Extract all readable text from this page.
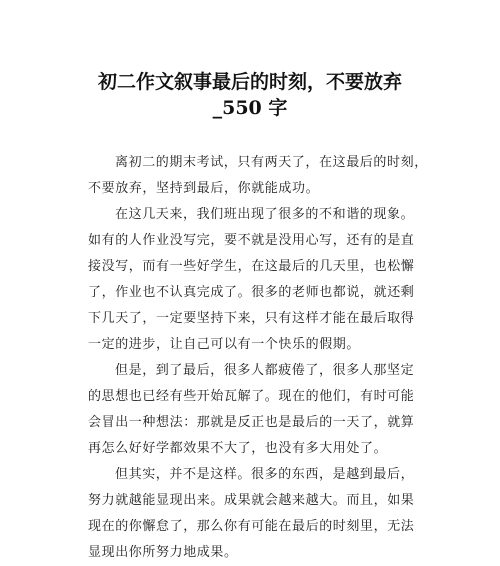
初二作文叙事最后的时刻，不要放弃
_550 字
离初二的期末考试，只有两天了，在这最后的时刻，
不要放弃，坚持到最后，你就能成功。
在这几天来，我们班出现了很多的不和谐的现象。
如有的人作业没写完，要不就是没用心写，还有的是直
接没写，而有一些好学生，在这最后的几天里，也松懈
了，作业也不认真完成了。很多的老师也都说，就还剩
下几天了，一定要坚持下来，只有这样才能在最后取得
一定的进步，让自己可以有一个快乐的假期。
但是，到了最后，很多人都疲倦了，很多人那坚定
的思想也已经有些开始瓦解了。现在的他们，有时可能
会冒出一种想法：那就是反正也是最后的一天了，就算
再怎么好好学都效果不大了，也没有多大用处了。
但其实，并不是这样。很多的东西，是越到最后，
努力就越能显现出来。成果就会越来越大。而且，如果
现在的你懈怠了，那么你有可能在最后的时刻里，无法
显现出你所努力地成果。
